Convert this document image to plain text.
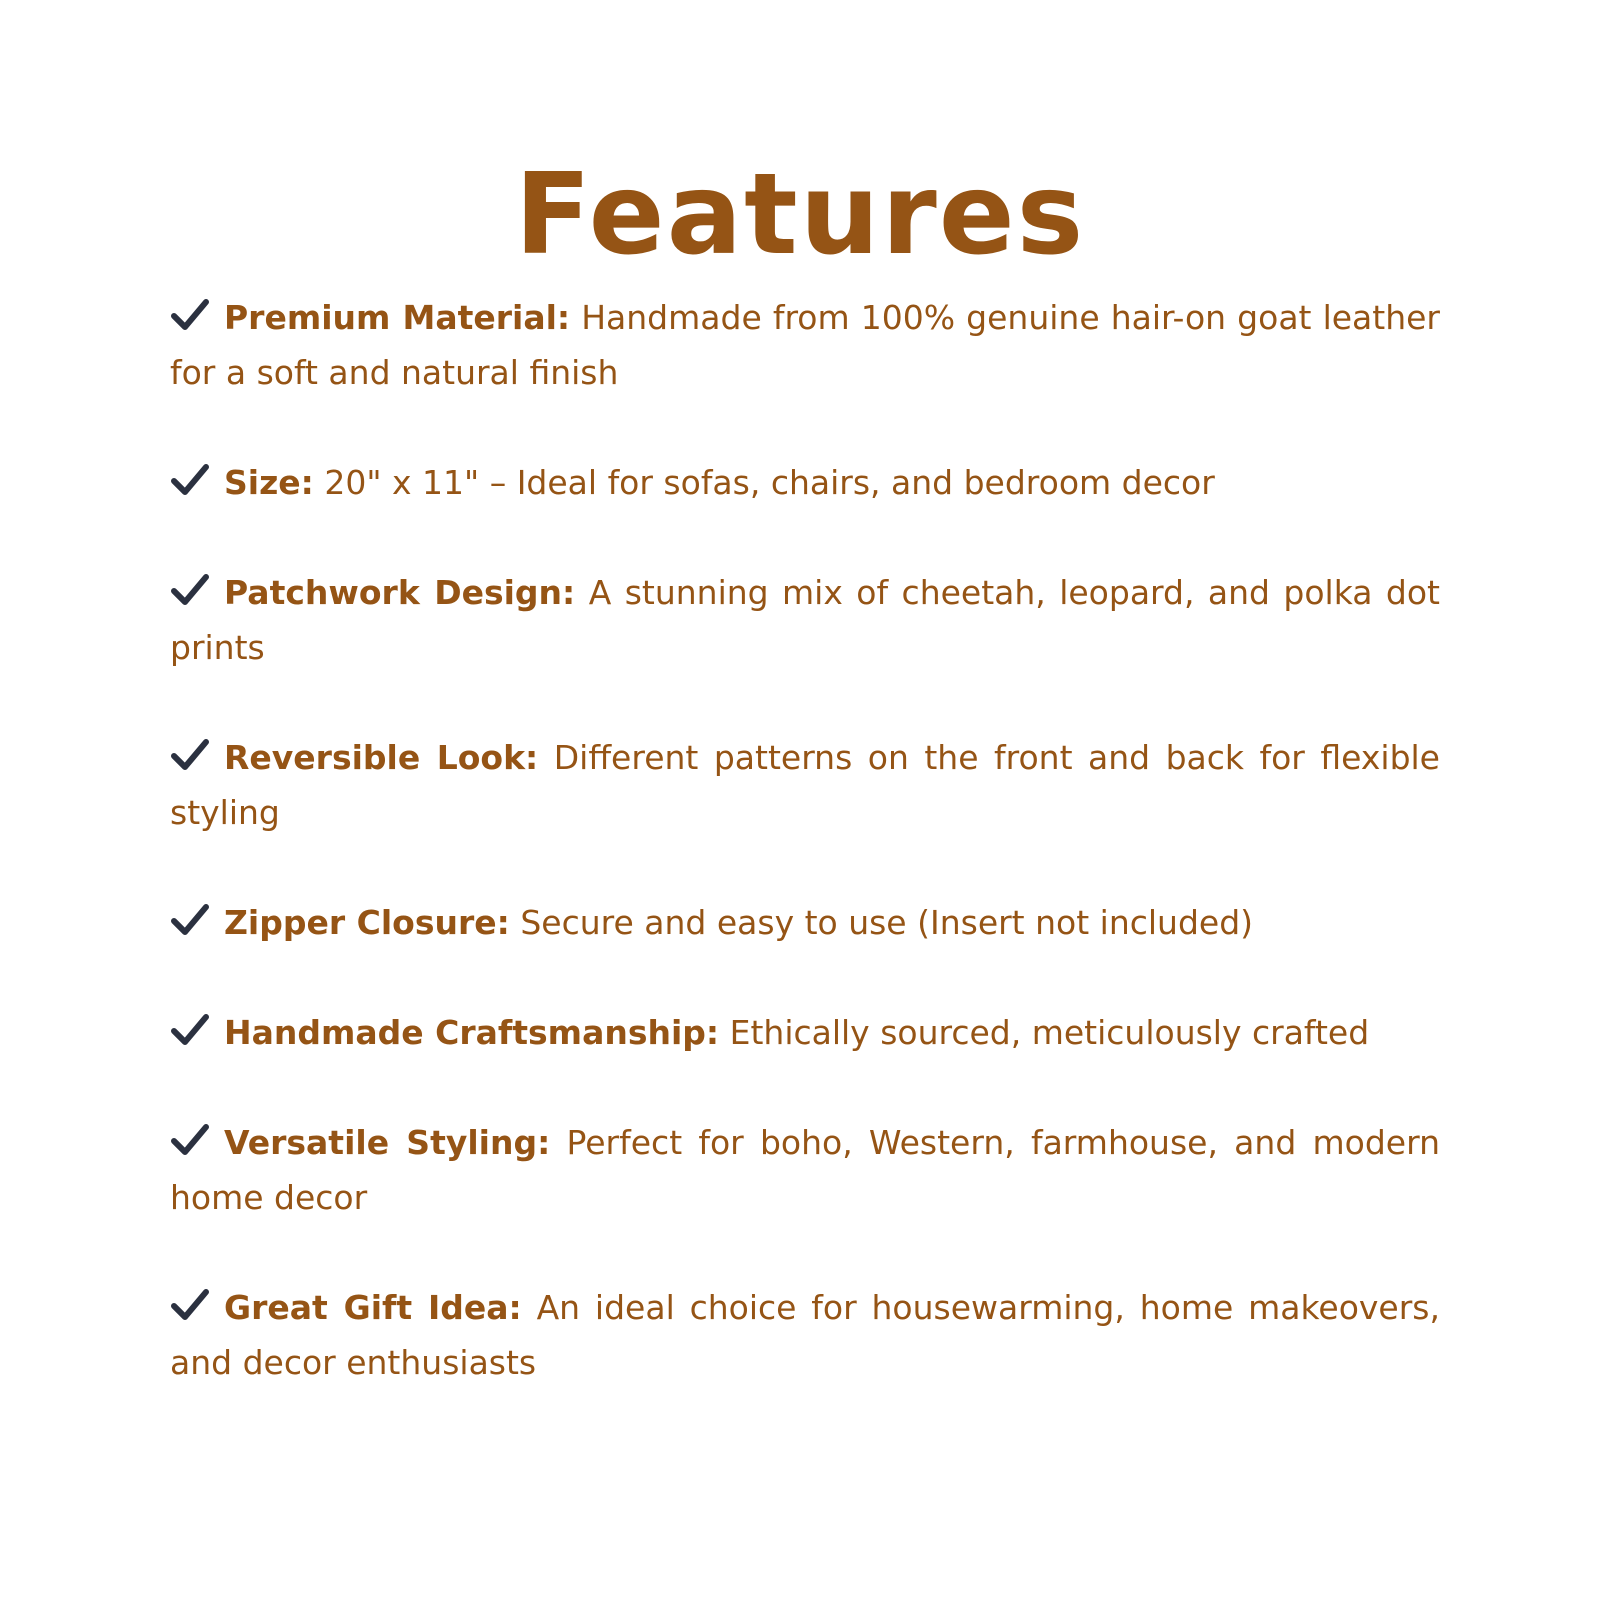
Features
Premium Material: Handmade from 100% genuine hair-on goat leather for a soft and natural finish
Size: 20" x 11" – Ideal for sofas, chairs, and bedroom decor
Patchwork Design: A stunning mix of cheetah, leopard, and polka dot prints
Reversible Look: Different patterns on the front and back for flexible styling
Zipper Closure: Secure and easy to use (Insert not included)
Handmade Craftsmanship: Ethically sourced, meticulously crafted
Versatile Styling: Perfect for boho, Western, farmhouse, and modern home decor
Great Gift Idea: An ideal choice for housewarming, home makeovers, and decor enthusiasts
